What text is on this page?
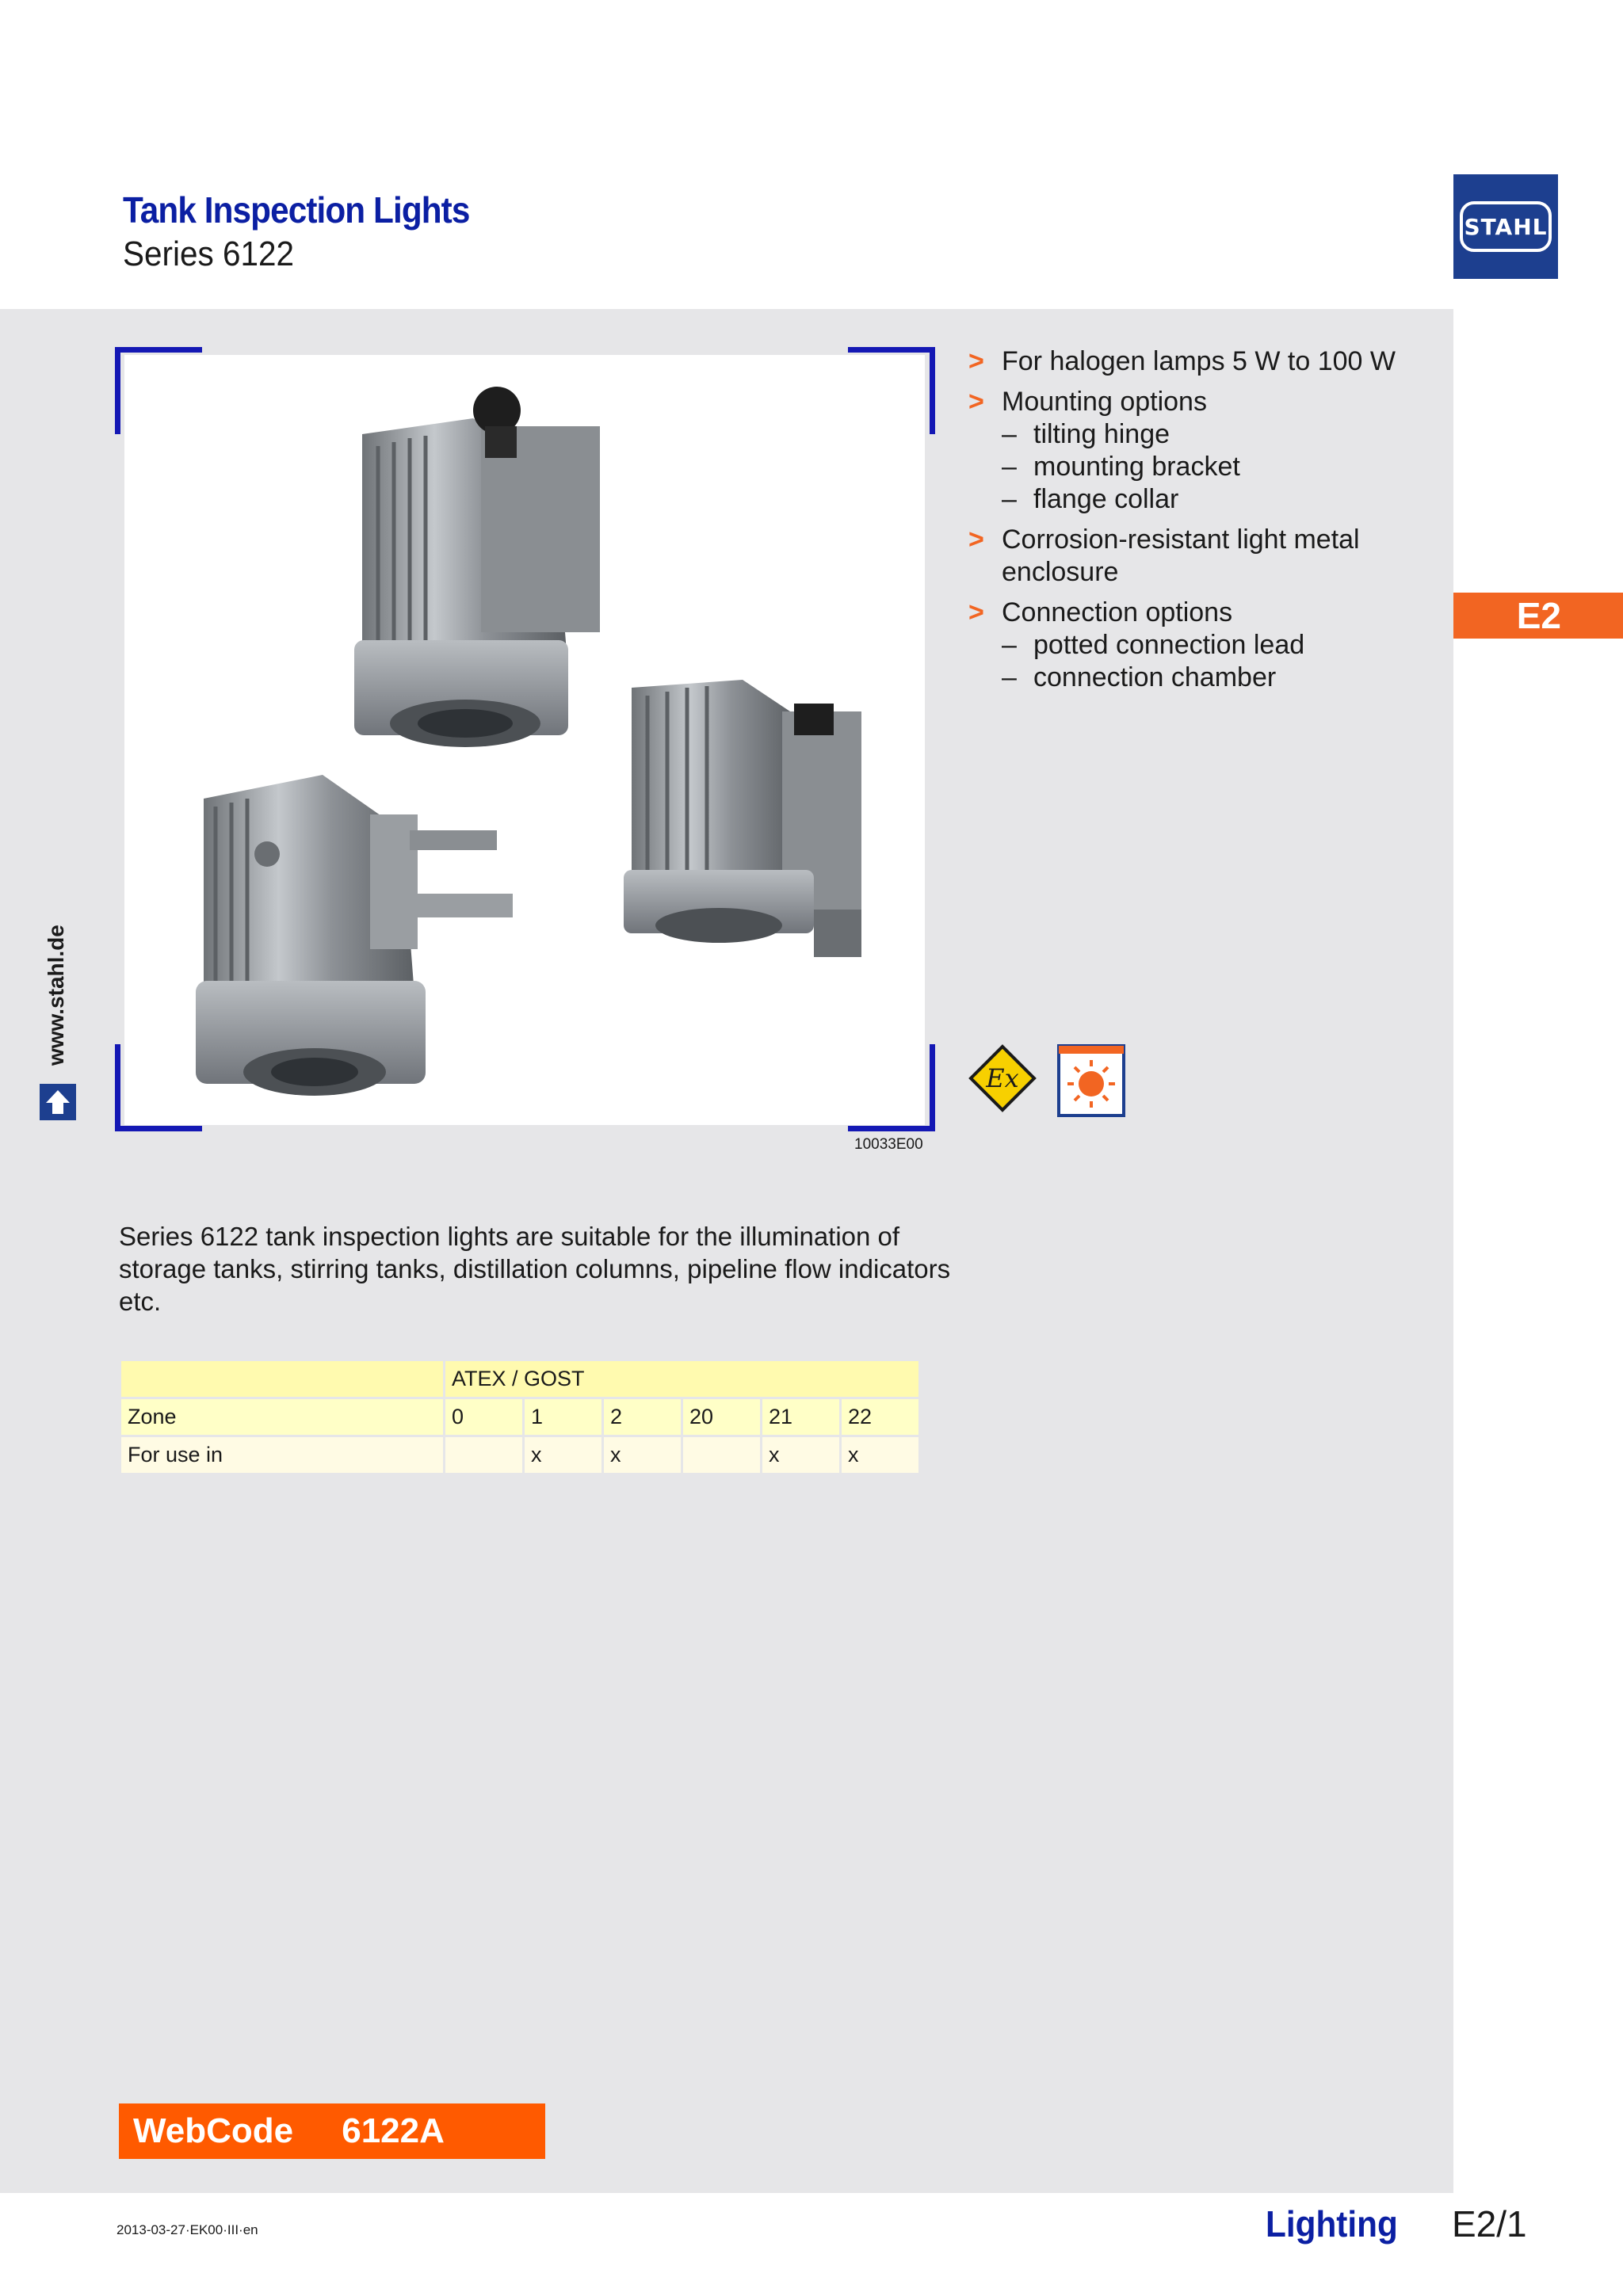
Tank Inspection Lights
Series 6122
STAHL
E2
www.stahl.de
10033E00
> For halogen lamps 5 W to 100 W
> Mounting options
– tilting hinge
– mounting bracket
– flange collar
> Corrosion-resistant light metal enclosure
> Connection options
– potted connection lead
– connection chamber
Ex
Series 6122 tank inspection lights are suitable for the illumination of storage tanks, stirring tanks, distillation columns, pipeline flow indicators etc.
	ATEX / GOST					
Zone	0	1	2	20	21	22
For use in		x	x		x	x
WebCode 6122A
2013-03-27·EK00·III·en	Lighting E2/1
